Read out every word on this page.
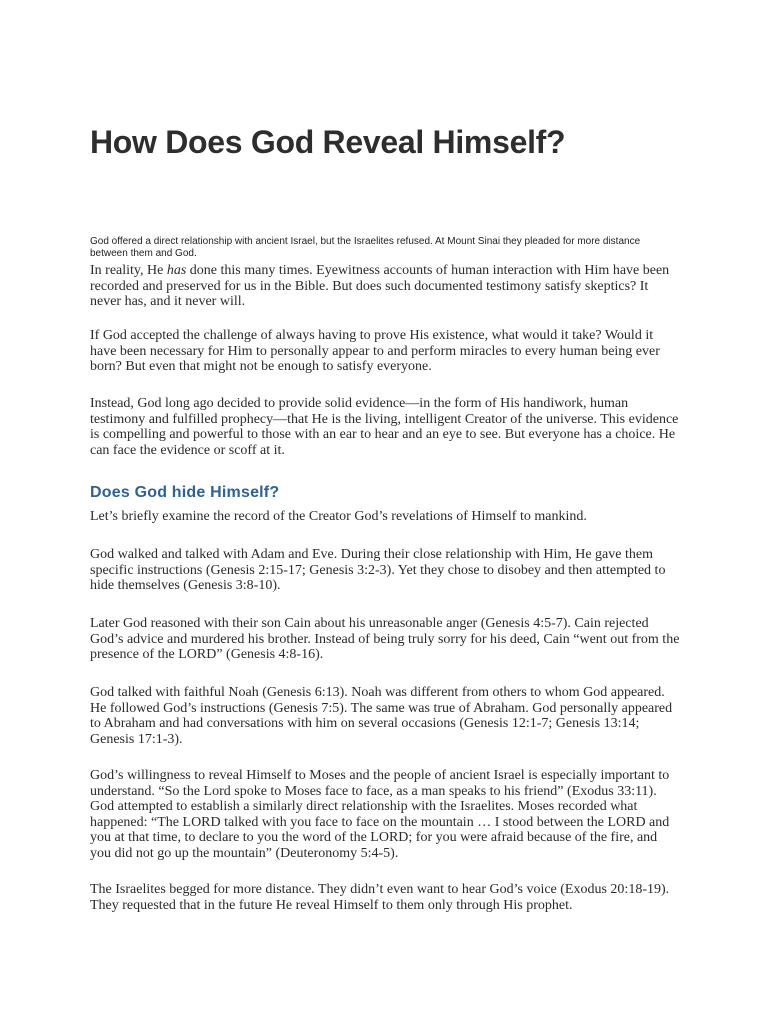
How Does God Reveal Himself?

God offered a direct relationship with ancient Israel, but the Israelites refused. At Mount Sinai they pleaded for more distance between them and God.

In reality, He has done this many times. Eyewitness accounts of human interaction with Him have been recorded and preserved for us in the Bible. But does such documented testimony satisfy skeptics? It never has, and it never will.

If God accepted the challenge of always having to prove His existence, what would it take? Would it have been necessary for Him to personally appear to and perform miracles to every human being ever born? But even that might not be enough to satisfy everyone.

Instead, God long ago decided to provide solid evidence—in the form of His handiwork, human testimony and fulfilled prophecy—that He is the living, intelligent Creator of the universe. This evidence is compelling and powerful to those with an ear to hear and an eye to see. But everyone has a choice. He can face the evidence or scoff at it.

Does God hide Himself?

Let’s briefly examine the record of the Creator God’s revelations of Himself to mankind.

God walked and talked with Adam and Eve. During their close relationship with Him, He gave them specific instructions (Genesis 2:15-17; Genesis 3:2-3). Yet they chose to disobey and then attempted to hide themselves (Genesis 3:8-10).

Later God reasoned with their son Cain about his unreasonable anger (Genesis 4:5-7). Cain rejected God’s advice and murdered his brother. Instead of being truly sorry for his deed, Cain “went out from the presence of the LORD” (Genesis 4:8-16).

God talked with faithful Noah (Genesis 6:13). Noah was different from others to whom God appeared. He followed God’s instructions (Genesis 7:5). The same was true of Abraham. God personally appeared to Abraham and had conversations with him on several occasions (Genesis 12:1-7; Genesis 13:14; Genesis 17:1-3).

God’s willingness to reveal Himself to Moses and the people of ancient Israel is especially important to understand. “So the Lord spoke to Moses face to face, as a man speaks to his friend” (Exodus 33:11). God attempted to establish a similarly direct relationship with the Israelites. Moses recorded what happened: “The LORD talked with you face to face on the mountain … I stood between the LORD and you at that time, to declare to you the word of the LORD; for you were afraid because of the fire, and you did not go up the mountain” (Deuteronomy 5:4-5).

The Israelites begged for more distance. They didn’t even want to hear God’s voice (Exodus 20:18-19). They requested that in the future He reveal Himself to them only through His prophet.
